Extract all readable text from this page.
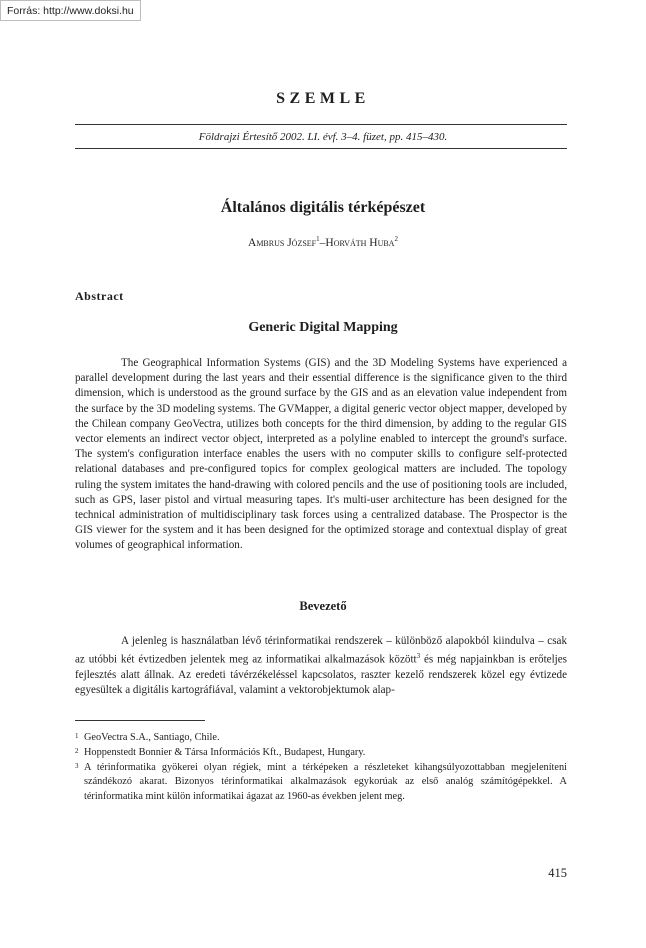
Forrás: http://www.doksi.hu
SZEMLE
Földrajzi Értesítő 2002. LI. évf. 3–4. füzet, pp. 415–430.
Általános digitális térképészet
Ambrus József$^1$–Horváth Huba$^2$
Abstract
Generic Digital Mapping

The Geographical Information Systems (GIS) and the 3D Modeling Systems have experienced a parallel development during the last years and their essential difference is the significance given to the third dimension, which is understood as the ground surface by the GIS and as an elevation value independent from the surface by the 3D modeling systems. The GVMapper, a digital generic vector object mapper, developed by the Chilean company GeoVectra, utilizes both concepts for the third dimension, by adding to the regular GIS vector elements an indirect vector object, interpreted as a polyline enabled to intercept the ground's surface. The system's configuration interface enables the users with no computer skills to configure self-protected relational databases and pre-configured topics for complex geological matters are included. The topology ruling the system imitates the hand-drawing with colored pencils and the use of positioning tools are included, such as GPS, laser pistol and virtual measuring tapes. It's multi-user architecture has been designed for the technical administration of multidisciplinary task forces using a centralized database. The Prospector is the GIS viewer for the system and it has been designed for the optimized storage and contextual display of great volumes of geographical information.

Bevezető

A jelenleg is használatban lévő térinformatikai rendszerek – különböző alapokból kiindulva – csak az utóbbi két évtizedben jelentek meg az informatikai alkalmazások között$^3$ és még napjainkban is erőteljes fejlesztés alatt állnak. Az eredeti távérzékeléssel kapcsolatos, raszter kezelő rendszerek közel egy évtizede egyesültek a digitális kartográfiával, valamint a vektorobjektumok alap-

1 GeoVectra S.A., Santiago, Chile.
2 Hoppenstedt Bonnier & Társa Információs Kft., Budapest, Hungary.
3 A térinformatika gyökerei olyan régiek, mint a térképeken a részleteket kihangsúlyozottabban megjeleníteni szándékozó akarat. Bizonyos térinformatikai alkalmazások egykorúak az első analóg számítógépekkel. A térinformatika mint külön informatikai ágazat az 1960-as években jelent meg.
415
